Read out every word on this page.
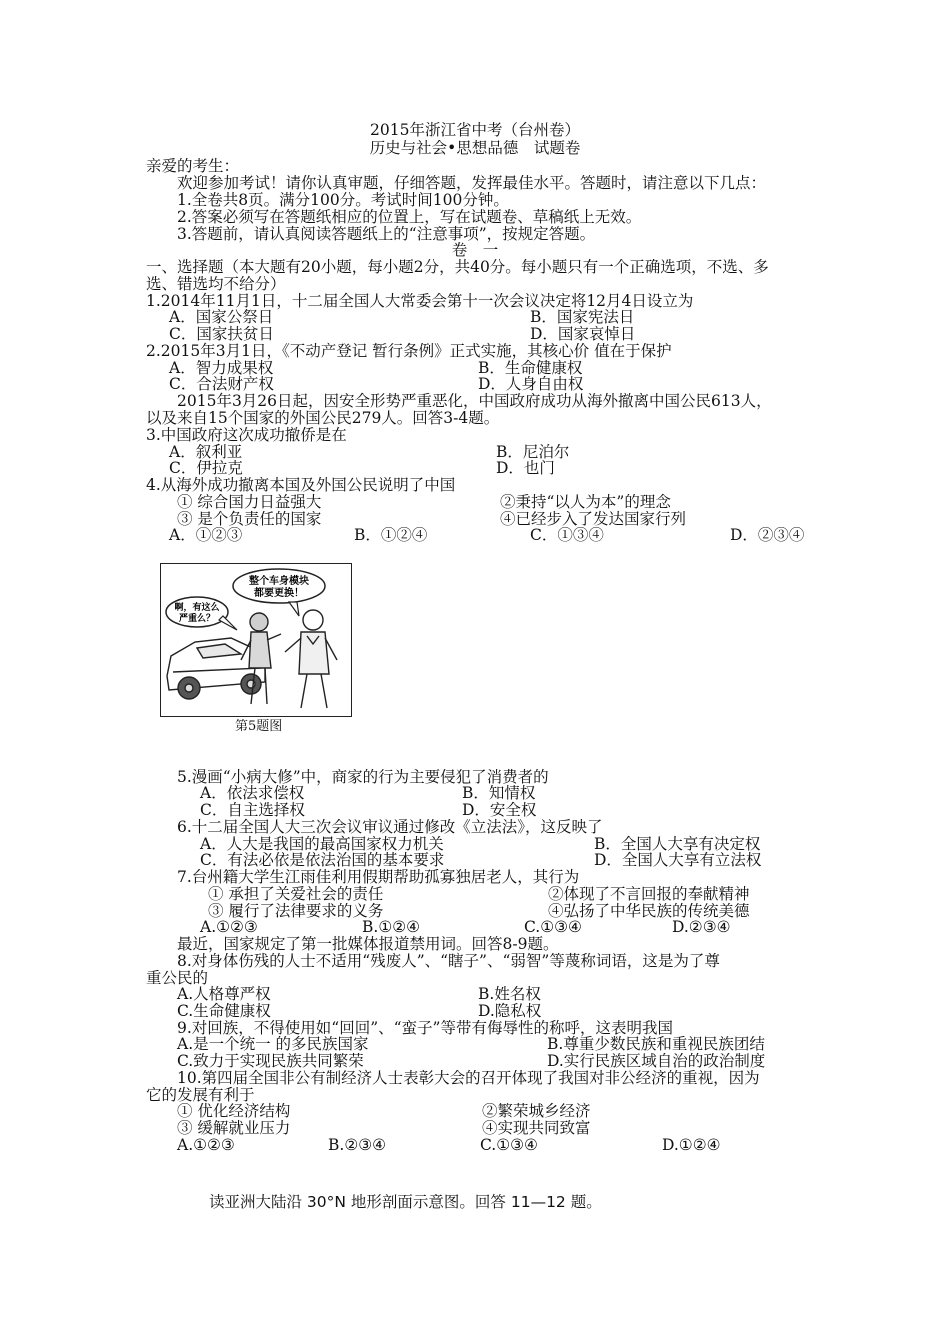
2015年浙江省中考（台州卷）
历史与社会•思想品德　试题卷
亲爱的考生：
欢迎参加考试！请你认真审题，仔细答题，发挥最佳水平。答题时，请注意以下几点：
1.全卷共8页。满分100分。考试时间100分钟。
2.答案必须写在答题纸相应的位置上，写在试题卷、草稿纸上无效。
3.答题前，请认真阅读答题纸上的“注意事项”，按规定答题。
卷　一
一、选择题（本大题有20小题，每小题2分，共40分。每小题只有一个正确选项，不选、多
选、错选均不给分）
1.2014年11月1日，十二届全国人大常委会第十一次会议决定将12月4日设立为
A．国家公祭日	B．国家宪法日
C．国家扶贫日	D．国家哀悼日
2.2015年3月1日，《不动产登记 暂行条例》正式实施，其核心价 值在于保护
A．智力成果权	B．生命健康权
C．合法财产权	D．人身自由权
2015年3月26日起，因安全形势严重恶化，中国政府成功从海外撤离中国公民613人，
以及来自15个国家的外国公民279人。回答3-4题。
3.中国政府这次成功撤侨是在
A．叙利亚	B．尼泊尔
C．伊拉克	D．也门
4.从海外成功撤离本国及外国公民说明了中国
① 综合国力日益强大	②秉持“以人为本”的理念
③ 是个负责任的国家	④已经步入了发达国家行列
A．①②③	B．①②④	C．①③④	D．②③④
整个车身模块
都要更换！
啊，有这么
严重么？
第5题图
5.漫画“小病大修”中，商家的行为主要侵犯了消费者的
A．依法求偿权	B．知情权
C．自主选择权	D．安全权
6.十二届全国人大三次会议审议通过修改《立法法》，这反映了
A．人大是我国的最高国家权力机关	B．全国人大享有决定权
C．有法必依是依法治国的基本要求	D．全国人大享有立法权
7.台州籍大学生江雨佳利用假期帮助孤寡独居老人，其行为
① 承担了关爱社会的责任	②体现了不言回报的奉献精神
③ 履行了法律要求的义务	④弘扬了中华民族的传统美德
A.①②③	B.①②④	C.①③④	D.②③④
最近，国家规定了第一批媒体报道禁用词。回答8-9题。
8.对身体伤残的人士不适用“残废人”、“瞎子”、“弱智”等蔑称词语，这是为了尊
重公民的
A.人格尊严权	B.姓名权
C.生命健康权	D.隐私权
9.对回族，不得使用如“回回”、“蛮子”等带有侮辱性的称呼，这表明我国
A.是一个统一 的多民族国家	B.尊重少数民族和重视民族团结
C.致力于实现民族共同繁荣	D.实行民族区域自治的政治制度
10.第四届全国非公有制经济人士表彰大会的召开体现了我国对非公经济的重视，因为
它的发展有利于
① 优化经济结构	②繁荣城乡经济
③ 缓解就业压力	④实现共同致富
A.①②③	B.②③④	C.①③④	D.①②④
读亚洲大陆沿 30°N 地形剖面示意图。回答 11—12 题。
